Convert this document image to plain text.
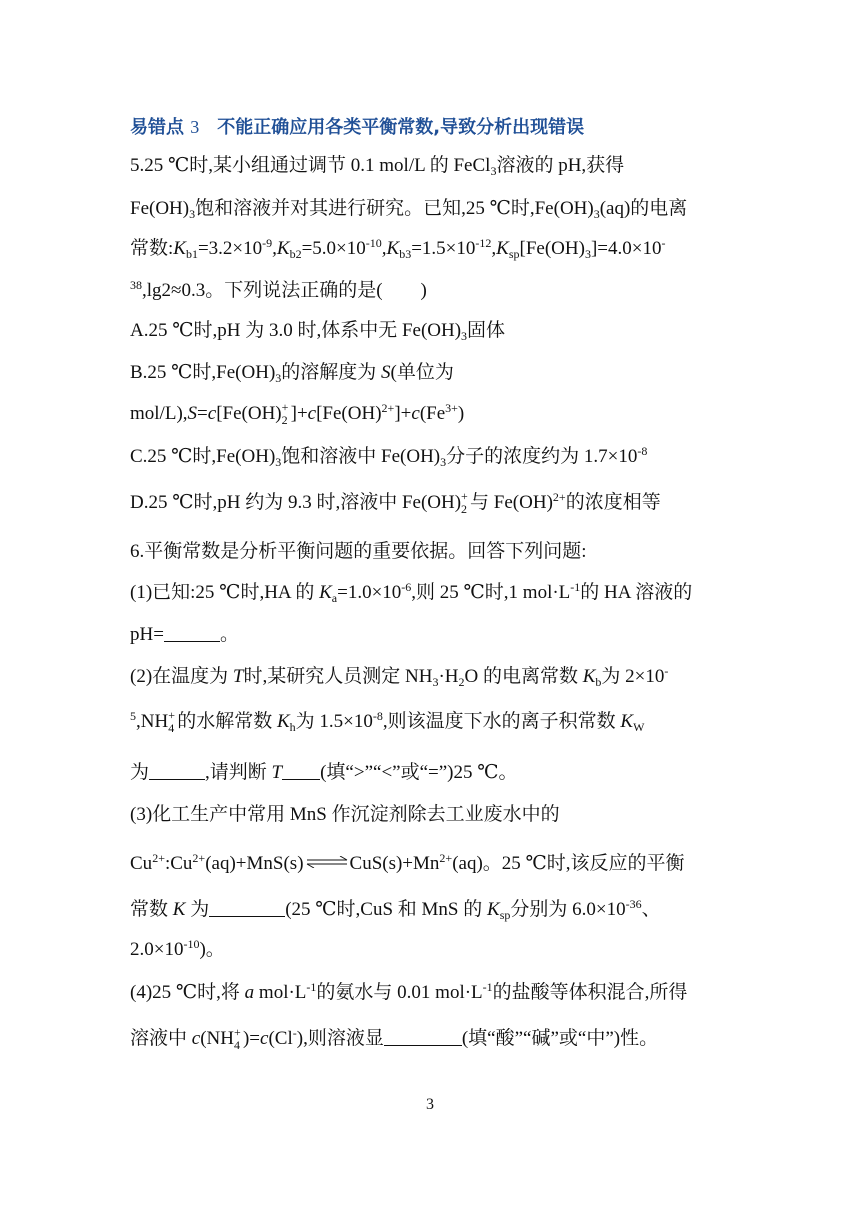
易错点 3　不能正确应用各类平衡常数,导致分析出现错误
5.25 ℃时,某小组通过调节 0.1 mol/L 的 FeCl$_3$溶液的 pH,获得
$Fe(OH)_3$饱和溶液并对其进行研究。已知,25 ℃时$,Fe(OH)_3(aq)$的电离
常数$:K_{b1}=3.2\times 10^{-9},K_{b2}=5.0\times 10^{-10},K_{b3}=1.5\times 10^{-12},K_{sp}[Fe(OH)_3]=4.0\times 10^-$
$^{38}$,lg2≈0.3。下列说法正确的是(　　)
A.25 ℃时,pH 为 3.0 时,体系中无 $Fe(OH)_3$固体
B.25 ℃时$,Fe(OH)_3$的溶解度为 S(单位为
mol/L),S=c[Fe(OH) +
2 ]$+c[Fe(OH)^{2+}]+c(Fe^{3+})$
C.25 ℃时$,Fe(OH)_3$饱和溶液中 $Fe(OH)_3$分子的浓度约为 $1.7\times 10^{-8}$
D.25 ℃时,pH 约为 9.3 时,溶液中 Fe(OH) +
2 与 Fe(OH)$^{2+}$的浓度相等
6.平衡常数是分析平衡问题的重要依据。回答下列问题:
(1)已知:25 ℃时,HA 的 $K_a=1.0\times 10^{-6}$,则 25 ℃时,1 $mol\cdot L^{-1}$的 HA 溶液的
pH=	。
(2)在温度为 T时,某研究人员测定 $NH_3\cdot H_2O$ 的电离常数 $K_b$为 2×10-
$^5$,NH +
4 的水解常数 $K_h$为 $1.5\times 10^{-8}$,则该温度下水的离子积常数 $K_W$
为	,请判断 T (填“>”“<”或“=”)25 ℃。
(3)化工生产中常用 MnS 作沉淀剂除去工业废水中的
$Cu^{2+}:Cu^{2+}(aq)+MnS(s)$ ⇌ $CuS(s)+Mn^{2+}(aq)$。25 ℃时,该反应的平衡
常数 K 为	(25 ℃时,CuS 和 MnS 的 $K_{sp}$分别为 $6.0\times 10^{-36}$、
$2.0\times 10^{-10}$)。
(4)25 ℃时,将 a $mol\cdot L^{-1}$的氨水与 0.01 $mol\cdot L^{-1}$的盐酸等体积混合,所得
溶液中 c(NH +
4 )=c(Cl-),则溶液显	(填“酸”“碱”或“中”)性。
3
